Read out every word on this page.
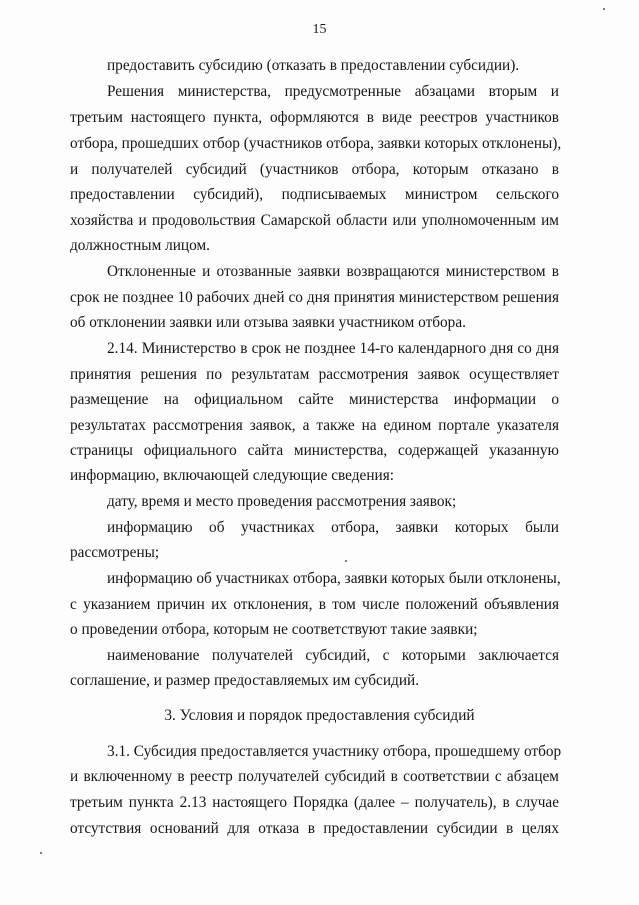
15
предоставить субсидию (отказать в предоставлении субсидии).
Решения министерства, предусмотренные абзацами вторым и
третьим настоящего пункта, оформляются в виде реестров участников
отбора, прошедших отбор (участников отбора, заявки которых отклонены),
и получателей субсидий (участников отбора, которым отказано в
предоставлении субсидий), подписываемых министром сельского
хозяйства и продовольствия Самарской области или уполномоченным им
должностным лицом.
Отклоненные и отозванные заявки возвращаются министерством в
срок не позднее 10 рабочих дней со дня принятия министерством решения
об отклонении заявки или отзыва заявки участником отбора.
2.14. Министерство в срок не позднее 14-го календарного дня со дня
принятия решения по результатам рассмотрения заявок осуществляет
размещение на официальном сайте министерства информации о
результатах рассмотрения заявок, а также на едином портале указателя
страницы официального сайта министерства, содержащей указанную
информацию, включающей следующие сведения:
дату, время и место проведения рассмотрения заявок;
информацию об участниках отбора, заявки которых были
рассмотрены;
информацию об участниках отбора, заявки которых были отклонены,
с указанием причин их отклонения, в том числе положений объявления
о проведении отбора, которым не соответствуют такие заявки;
наименование получателей субсидий, с которыми заключается
соглашение, и размер предоставляемых им субсидий.
3. Условия и порядок предоставления субсидий
3.1. Субсидия предоставляется участнику отбора, прошедшему отбор
и включенному в реестр получателей субсидий в соответствии с абзацем
третьим пункта 2.13 настоящего Порядка (далее – получатель), в случае
отсутствия оснований для отказа в предоставлении субсидии в целях
